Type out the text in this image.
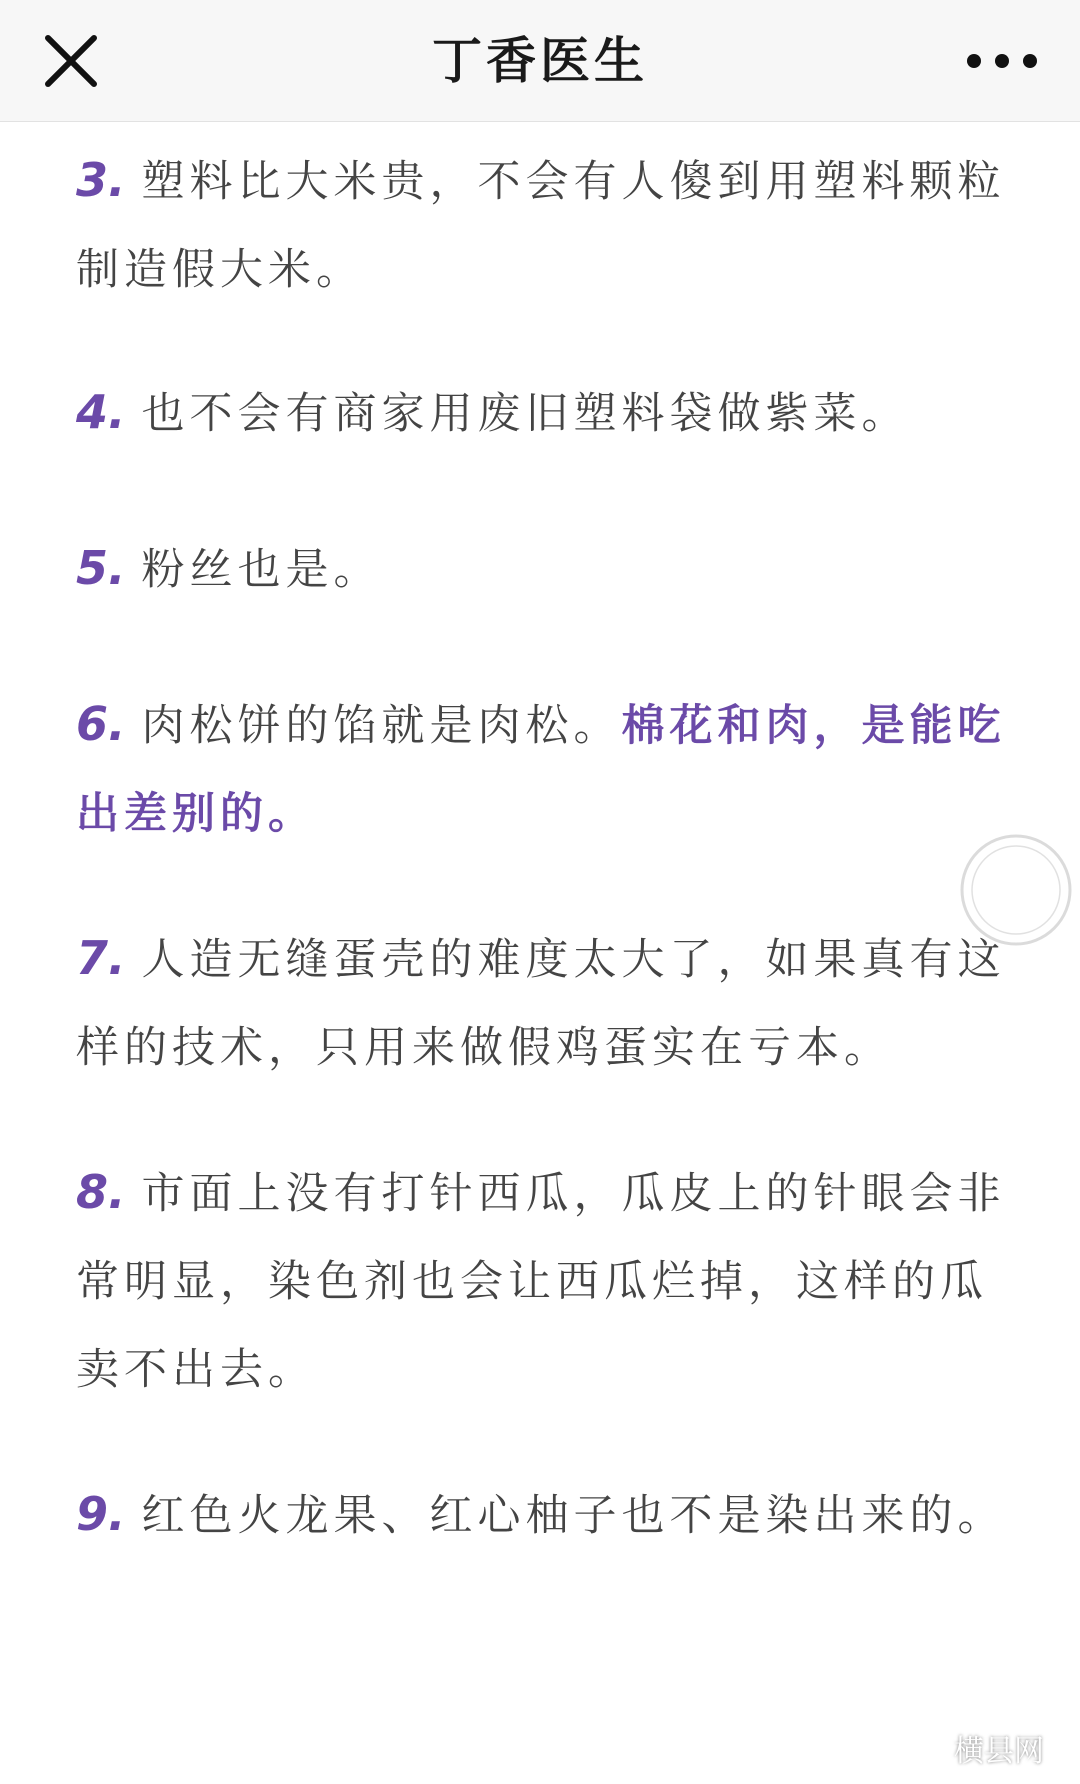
丁香医生
3. 塑料比大米贵，不会有人傻到用塑料颗粒制造假大米。
4. 也不会有商家用废旧塑料袋做紫菜。
5. 粉丝也是。
6. 肉松饼的馅就是肉松。棉花和肉，是能吃出差别的。
7. 人造无缝蛋壳的难度太大了，如果真有这样的技术，只用来做假鸡蛋实在亏本。
8. 市面上没有打针西瓜，瓜皮上的针眼会非常明显，染色剂也会让西瓜烂掉，这样的瓜卖不出去。
9. 红色火龙果、红心柚子也不是染出来的。
横县网
